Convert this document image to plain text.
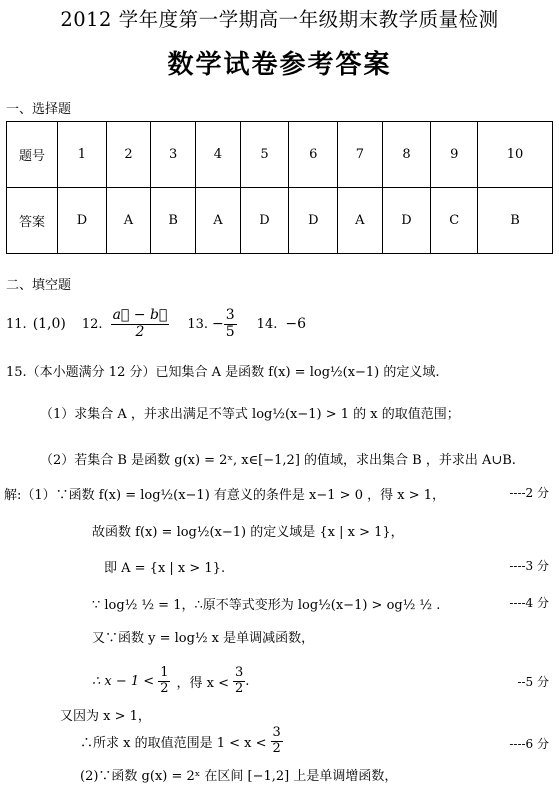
2012 学年度第一学期高一年级期末教学质量检测
数学试卷参考答案
一、选择题
题号	1	2	3	4	5	6	7	8	9	10
答案	D	A	B	A	D	D	A	D	C	B
二、填空题
11. (1,0) 12. $\frac{a⃗ - b⃗}{2} 13$. − $\frac{3}{5} 14$. −6
15.（本小题满分 12 分）已知集合 A 是函数 f(x) = log½(x−1) 的定义域.
（1）求集合 A ，并求出满足不等式 log½(x−1) > 1 的 x 的取值范围；
（2）若集合 B 是函数 g(x) = 2ˣ, x∈[−1,2] 的值域，求出集合 B ，并求出 A∪B.
解:（1）∵函数 f(x) = log½(x−1) 有意义的条件是 x−1 > 0 ，得 x > 1，	----2 分
故函数 f(x) = log½(x−1) 的定义域是 {x | x > 1}，
即 A = {x | x > 1}.	----3 分
∵ log½ ½ = 1，∴原不等式变形为 log½(x−1) > og½ ½ .	----4 分
又∵函数 y = log½ x 是单调减函数，
∴ $x - 1 < \frac{1}{2}$ ，得 $x < \frac{3}{2}$ .	--5 分
又因为 x > 1，
∴所求 x 的取值范围是 $1 < x < \frac{3}{2}$	----6 分
(2)∵函数 g(x) = 2ˣ 在区间 [−1,2] 上是单调增函数，
